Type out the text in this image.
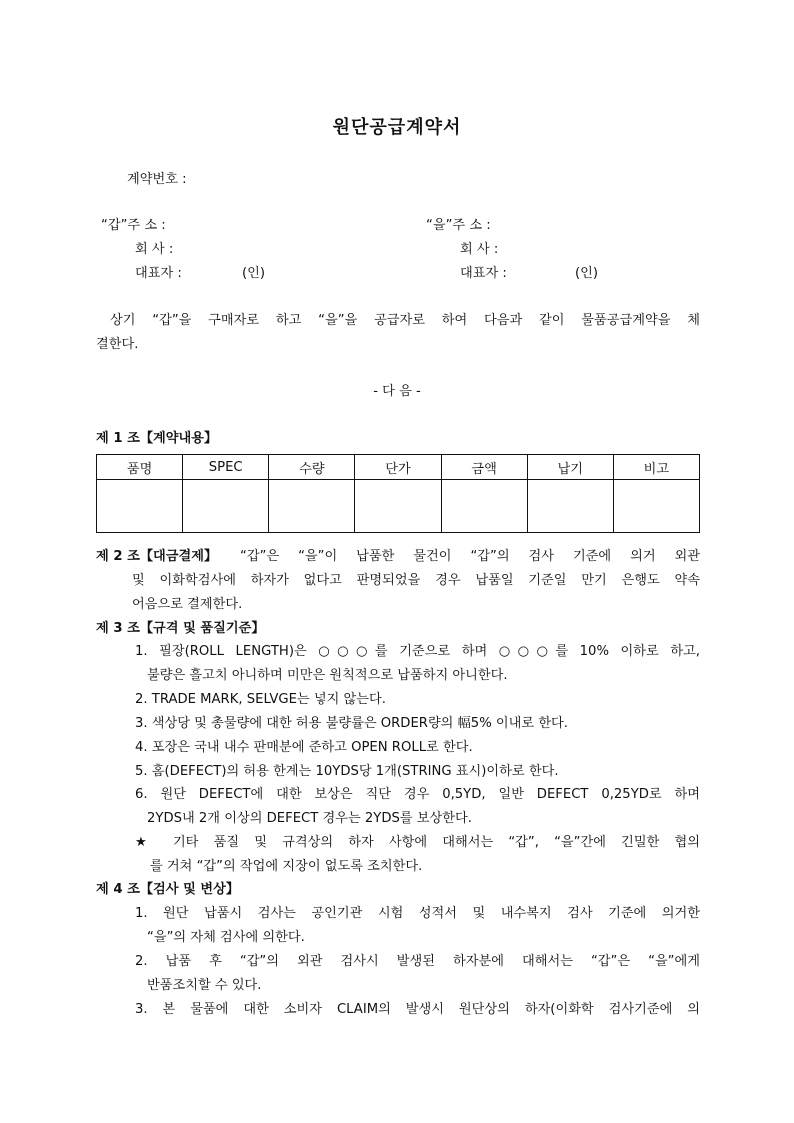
원단공급계약서
계약번호 :
“갑”주 소 :
회 사 :
대표자 :	(인)
“을”주 소 :
회 사 :
대표자 :	(인)
상기 “갑”을 구매자로 하고 “을”을 공급자로 하여 다음과 같이 물품공급계약을 체
결한다.
- 다 음 -
제 1 조【계약내용】
품명	SPEC	수량	단가	금액	납기	비고

제 2 조【대금결제】 “갑”은 “을”이 납품한 물건이 “갑”의 검사 기준에 의거 외관
및 이화학검사에 하자가 없다고 판명되었을 경우 납품일 기준일 만기 은행도 약속
어음으로 결제한다.
제 3 조【규격 및 품질기준】
1. 필장(ROLL LENGTH)은 ○○○를 기준으로 하며 ○○○를 10% 이하로 하고,
불량은 흘고치 아니하며 미만은 원칙적으로 납품하지 아니한다.
2. TRADE MARK, SELVGE는 넣지 않는다.
3. 색상당 및 총물량에 대한 허용 불량률은 ORDER량의 幅5% 이내로 한다.
4. 포장은 국내 내수 판매분에 준하고 OPEN ROLL로 한다.
5. 홈(DEFECT)의 허용 한계는 10YDS당 1개(STRING 표시)이하로 한다.
6. 원단 DEFECT에 대한 보상은 직단 경우 0,5YD, 일반 DEFECT 0,25YD로 하며
2YDS내 2개 이상의 DEFECT 경우는 2YDS를 보상한다.
★ 기타 품질 및 규격상의 하자 사항에 대해서는 “갑”, “을”간에 긴밀한 협의
를 거쳐 “갑”의 작업에 지장이 없도록 조치한다.
제 4 조【검사 및 변상】
1. 원단 납품시 검사는 공인기관 시험 성적서 및 내수복지 검사 기준에 의거한
“을”의 자체 검사에 의한다.
2. 납품 후 “갑”의 외관 검사시 발생된 하자분에 대해서는 “갑”은 “을”에게
반품조치할 수 있다.
3. 본 물품에 대한 소비자 CLAIM의 발생시 원단상의 하자(이화학 검사기준에 의
